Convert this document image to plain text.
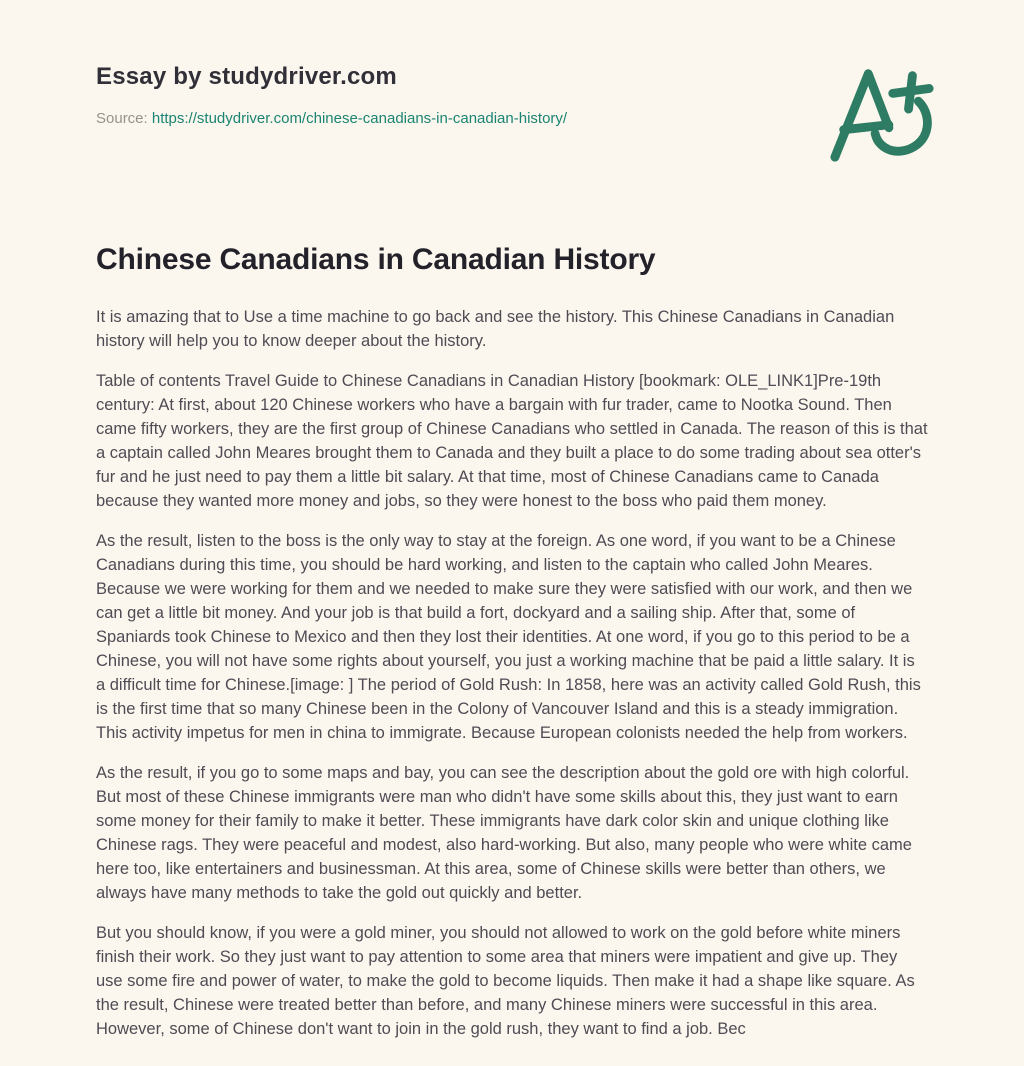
Essay by studydriver.com

Source: https://studydriver.com/chinese-canadians-in-canadian-history/

Chinese Canadians in Canadian History

It is amazing that to Use a time machine to go back and see the history. This Chinese Canadians in Canadian history will help you to know deeper about the history.

Table of contents Travel Guide to Chinese Canadians in Canadian History [bookmark: OLE_LINK1]Pre-19th century: At first, about 120 Chinese workers who have a bargain with fur trader, came to Nootka Sound. Then came fifty workers, they are the first group of Chinese Canadians who settled in Canada. The reason of this is that a captain called John Meares brought them to Canada and they built a place to do some trading about sea otter's fur and he just need to pay them a little bit salary. At that time, most of Chinese Canadians came to Canada because they wanted more money and jobs, so they were honest to the boss who paid them money.

As the result, listen to the boss is the only way to stay at the foreign. As one word, if you want to be a Chinese Canadians during this time, you should be hard working, and listen to the captain who called John Meares. Because we were working for them and we needed to make sure they were satisfied with our work, and then we can get a little bit money. And your job is that build a fort, dockyard and a sailing ship. After that, some of Spaniards took Chinese to Mexico and then they lost their identities. At one word, if you go to this period to be a Chinese, you will not have some rights about yourself, you just a working machine that be paid a little salary. It is a difficult time for Chinese.[image: ] The period of Gold Rush: In 1858, here was an activity called Gold Rush, this is the first time that so many Chinese been in the Colony of Vancouver Island and this is a steady immigration. This activity impetus for men in china to immigrate. Because European colonists needed the help from workers.

As the result, if you go to some maps and bay, you can see the description about the gold ore with high colorful. But most of these Chinese immigrants were man who didn't have some skills about this, they just want to earn some money for their family to make it better. These immigrants have dark color skin and unique clothing like Chinese rags. They were peaceful and modest, also hard-working. But also, many people who were white came here too, like entertainers and businessman. At this area, some of Chinese skills were better than others, we always have many methods to take the gold out quickly and better.

But you should know, if you were a gold miner, you should not allowed to work on the gold before white miners finish their work. So they just want to pay attention to some area that miners were impatient and give up. They use some fire and power of water, to make the gold to become liquids. Then make it had a shape like square. As the result, Chinese were treated better than before, and many Chinese miners were successful in this area. However, some of Chinese don't want to join in the gold rush, they want to find a job. Bec
